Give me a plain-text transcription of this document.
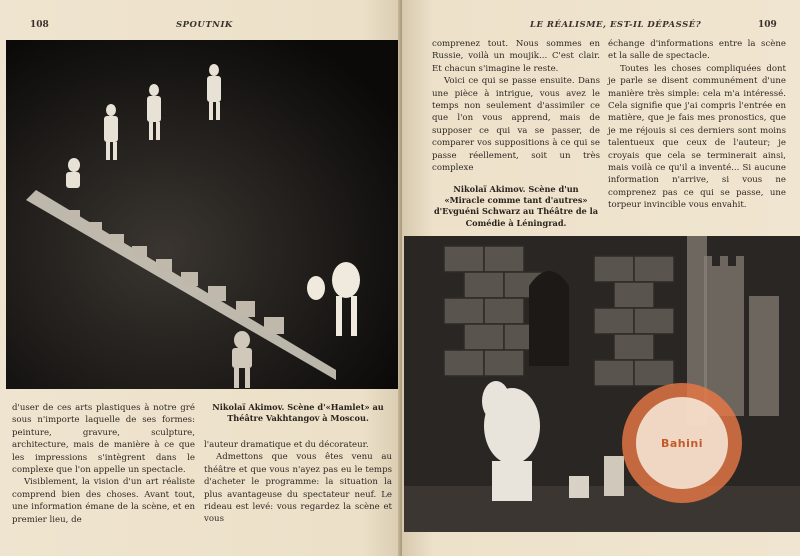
108	SPOUTNIK

d'user de ces arts plastiques à notre gré sous n'importe laquelle de ses formes: peinture, gravure, sculpture, architecture, mais de manière à ce que les impressions s'intègrent dans le complexe que l'on appelle un spectacle.

Visiblement, la vision d'un art réaliste comprend bien des choses. Avant tout, une information émane de la scène, et en premier lieu, de

Nikolaï Akimov. Scène d'«Hamlet» au Théâtre Vakhtangov à Moscou.

l'auteur dramatique et du décorateur.

Admettons que vous êtes venu au théâtre et que vous n'ayez pas eu le temps d'acheter le programme: la situation la plus avantageuse du spectateur neuf. Le rideau est levé: vous regardez la scène et vous

LE RÉALISME, EST-IL DÉPASSÉ?	109

comprenez tout. Nous sommes en Russie, voilà un moujik... C'est clair. Et chacun s'imagine le reste.

Voici ce qui se passe ensuite. Dans une pièce à intrigue, vous avez le temps non seulement d'assimiler ce que l'on vous apprend, mais de supposer ce qui va se passer, de comparer vos suppositions à ce qui se passe réellement, soit un très complexe

Nikolaï Akimov. Scène d'un «Miracle comme tant d'autres» d'Evguéni Schwarz au Théâtre de la Comédie à Léningrad.

échange d'informations entre la scène et la salle de spectacle.

Toutes les choses compliquées dont je parle se disent communément d'une manière très simple: cela m'a intéressé. Cela signifie que j'ai compris l'entrée en matière, que je fais mes pronostics, que je me réjouis si ces derniers sont moins talentueux que ceux de l'auteur; je croyais que cela se terminerait ainsi, mais voilà ce qu'il a inventé... Si aucune information n'arrive, si vous ne comprenez pas ce qui se passe, une torpeur invincible vous envahit.

Bahini
